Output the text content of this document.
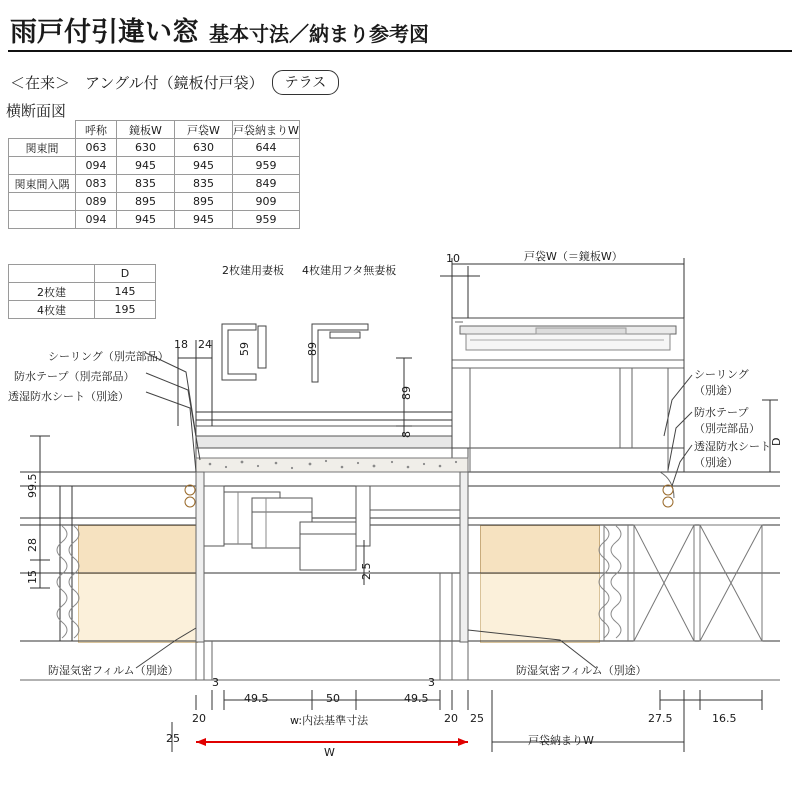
雨戸付引違い窓 基本寸法／納まり参考図
＜在来＞　アングル付（鏡板付戸袋） テラス
横断面図
	呼称	鏡板W	戸袋W	戸袋納まりW
関東間	063	630	630	644
	094	945	945	959
関東間入隅	083	835	835	849
	089	895	895	909
	094	945	945	959
	D
2枚建	145
4枚建	195
2枚建用妻板 4枚建用フタ無妻板
59	89
10	戸袋W（＝鏡板W）
18 24
89
8
シーリング（別売部品）
防水テープ（別売部品）
透湿防水シート（別途）
シーリング
（別途）
防水テープ
（別売部品）
透湿防水シート
（別途）
99.5
28
15
D
2.5
防湿気密フィルム（別途）	防湿気密フィルム（別途）
3	3
49.5	50	49.5
20	20 25	27.5	16.5
w:内法基準寸法
25
W
戸袋納まりW
